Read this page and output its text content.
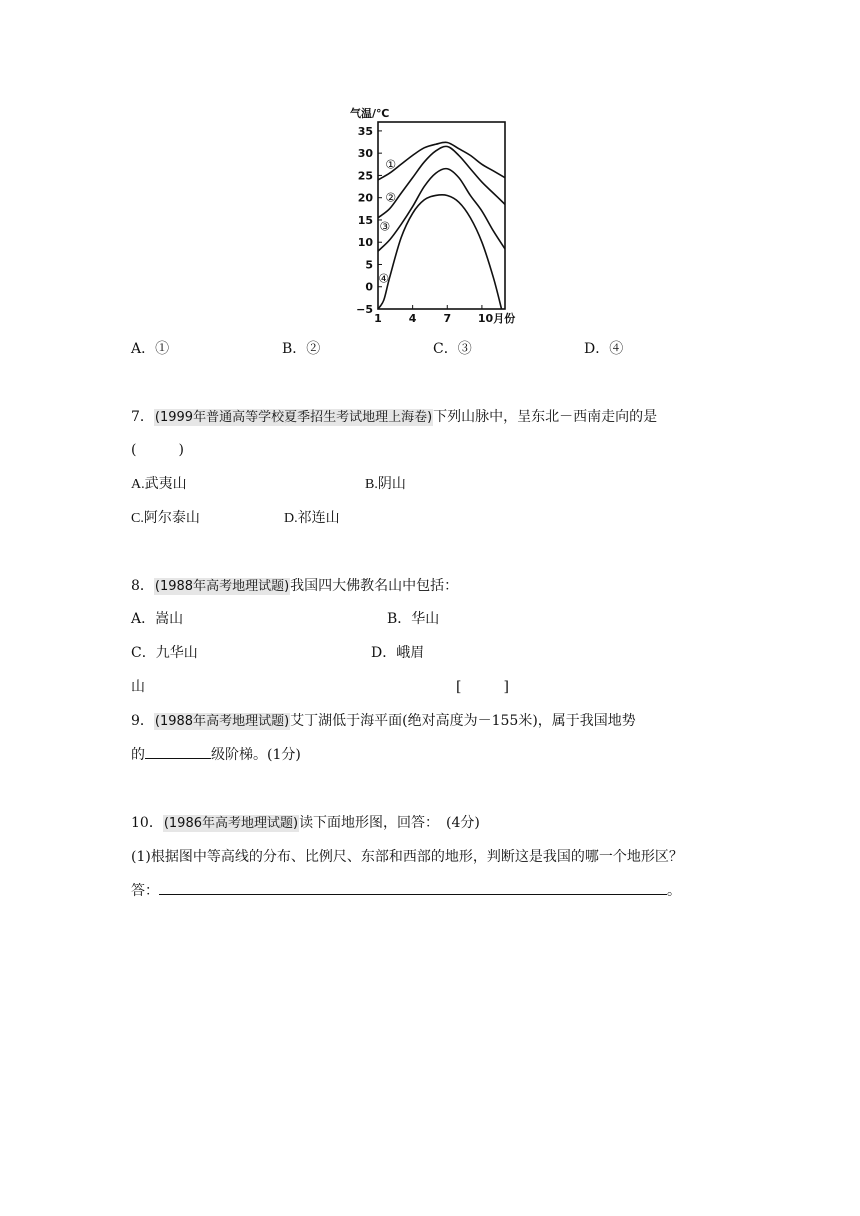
气温/℃
35
30
25
20
15
10
5
0
−5
1 4 7 10月份
①
②
③
④
A．①	B．②	C．③	D．④
7．(1999年普通高等学校夏季招生考试地理上海卷)下列山脉中，呈东北－西南走向的是
(　　　)
A.武夷山	B.阴山
C.阿尔泰山	D.祁连山
8．(1988年高考地理试题)我国四大佛教名山中包括：
A．嵩山	B．华山
C．九华山	D．峨眉
山	[　　　]
9．(1988年高考地理试题)艾丁湖低于海平面(绝对高度为－155米)，属于我国地势
的	级阶梯。(1分)
10．(1986年高考地理试题)读下面地形图，回答：　(4分)
(1)根据图中等高线的分布、比例尺、东部和西部的地形，判断这是我国的哪一个地形区？
答：	。
